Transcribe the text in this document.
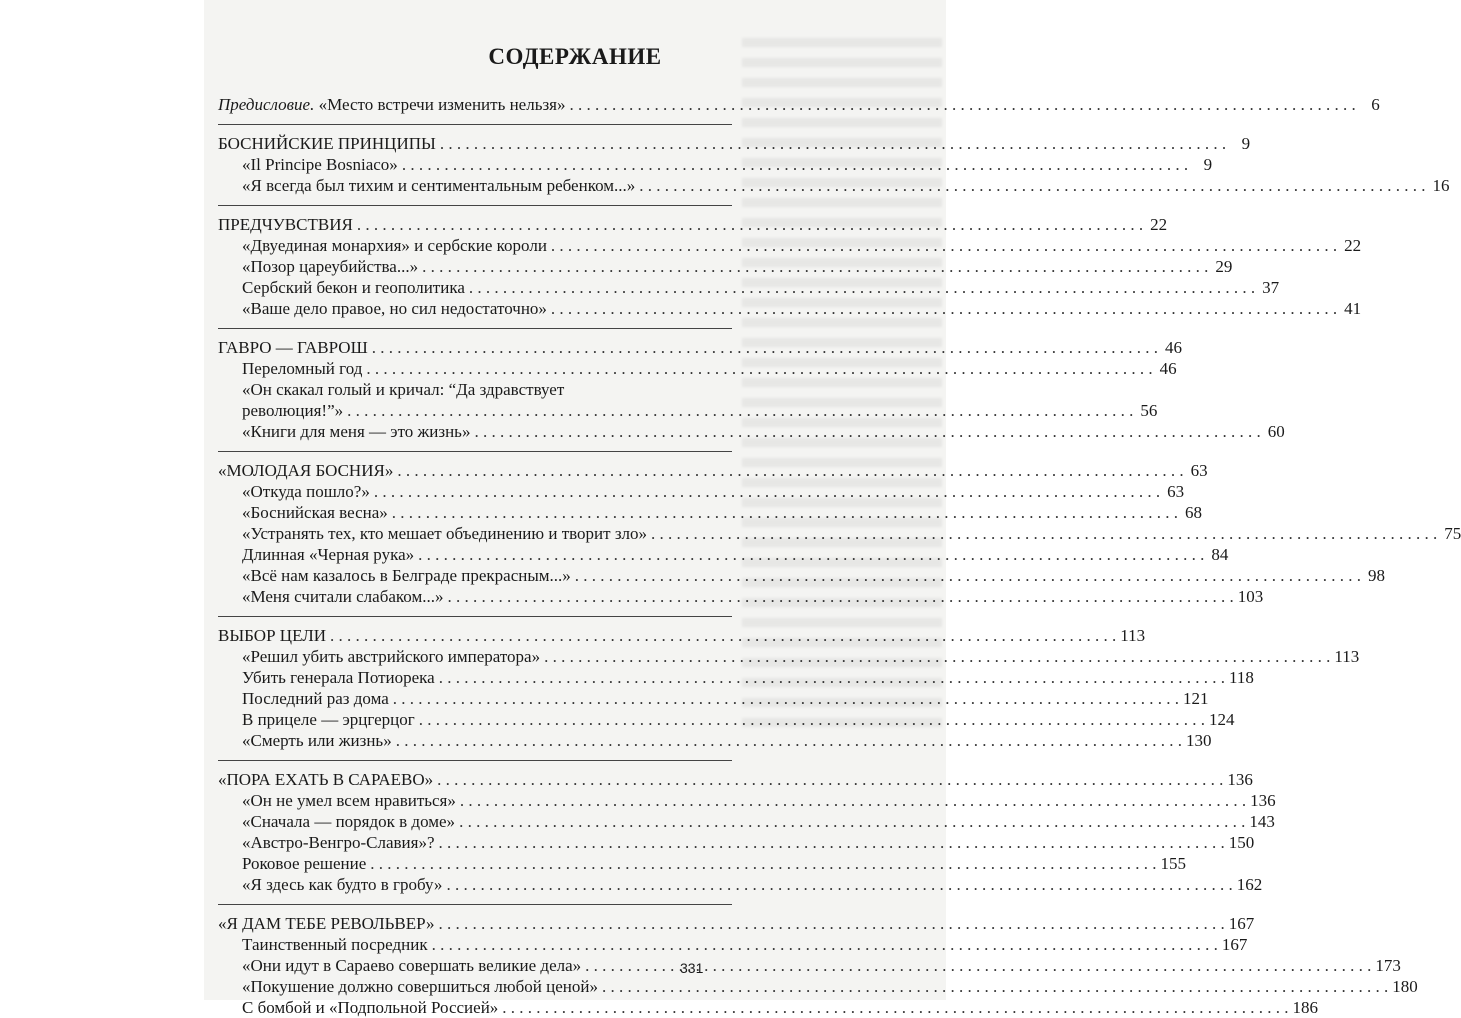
СОДЕРЖАНИЕ
Предисловие. «Место встречи изменить нельзя» . . .	6
БОСНИЙСКИЕ ПРИНЦИПЫ . . .	9
«Il Principe Bosniaco» . . .	9
«Я всегда был тихим и сентиментальным ребенком...» . . .	16
ПРЕДЧУВСТВИЯ . . .	22
«Двуединая монархия» и сербские короли . . .	22
«Позор цареубийства...» . . .	29
Сербский бекон и геополитика . . .	37
«Ваше дело правое, но сил недостаточно» . . .	41
ГАВРО — ГАВРОШ . . .	46
Переломный год . . .	46
«Он скакал голый и кричал: “Да здравствует
революция!”» . . .	56
«Книги для меня — это жизнь» . . .	60
«МОЛОДАЯ БОСНИЯ» . . .	63
«Откуда пошло?» . . .	63
«Боснийская весна» . . .	68
«Устранять тех, кто мешает объединению и творит зло» . . .	75
Длинная «Черная рука» . . .	84
«Всё нам казалось в Белграде прекрасным...» . . .	98
«Меня считали слабаком...» . . .	103
ВЫБОР ЦЕЛИ . . .	113
«Решил убить австрийского императора» . . .	113
Убить генерала Потиорека . . .	118
Последний раз дома . . .	121
В прицеле — эрцгерцог . . .	124
«Смерть или жизнь» . . .	130
«ПОРА ЕХАТЬ В САРАЕВО» . . .	136
«Он не умел всем нравиться» . . .	136
«Сначала — порядок в доме» . . .	143
«Австро-Венгро-Славия»? . . .	150
Роковое решение . . .	155
«Я здесь как будто в гробу» . . .	162
«Я ДАМ ТЕБЕ РЕВОЛЬВЕР» . . .	167
Таинственный посредник . . .	167
«Они идут в Сараево совершать великие дела» . . .	173
«Покушение должно совершиться любой ценой» . . .	180
С бомбой и «Подпольной Россией» . . .	186
331
